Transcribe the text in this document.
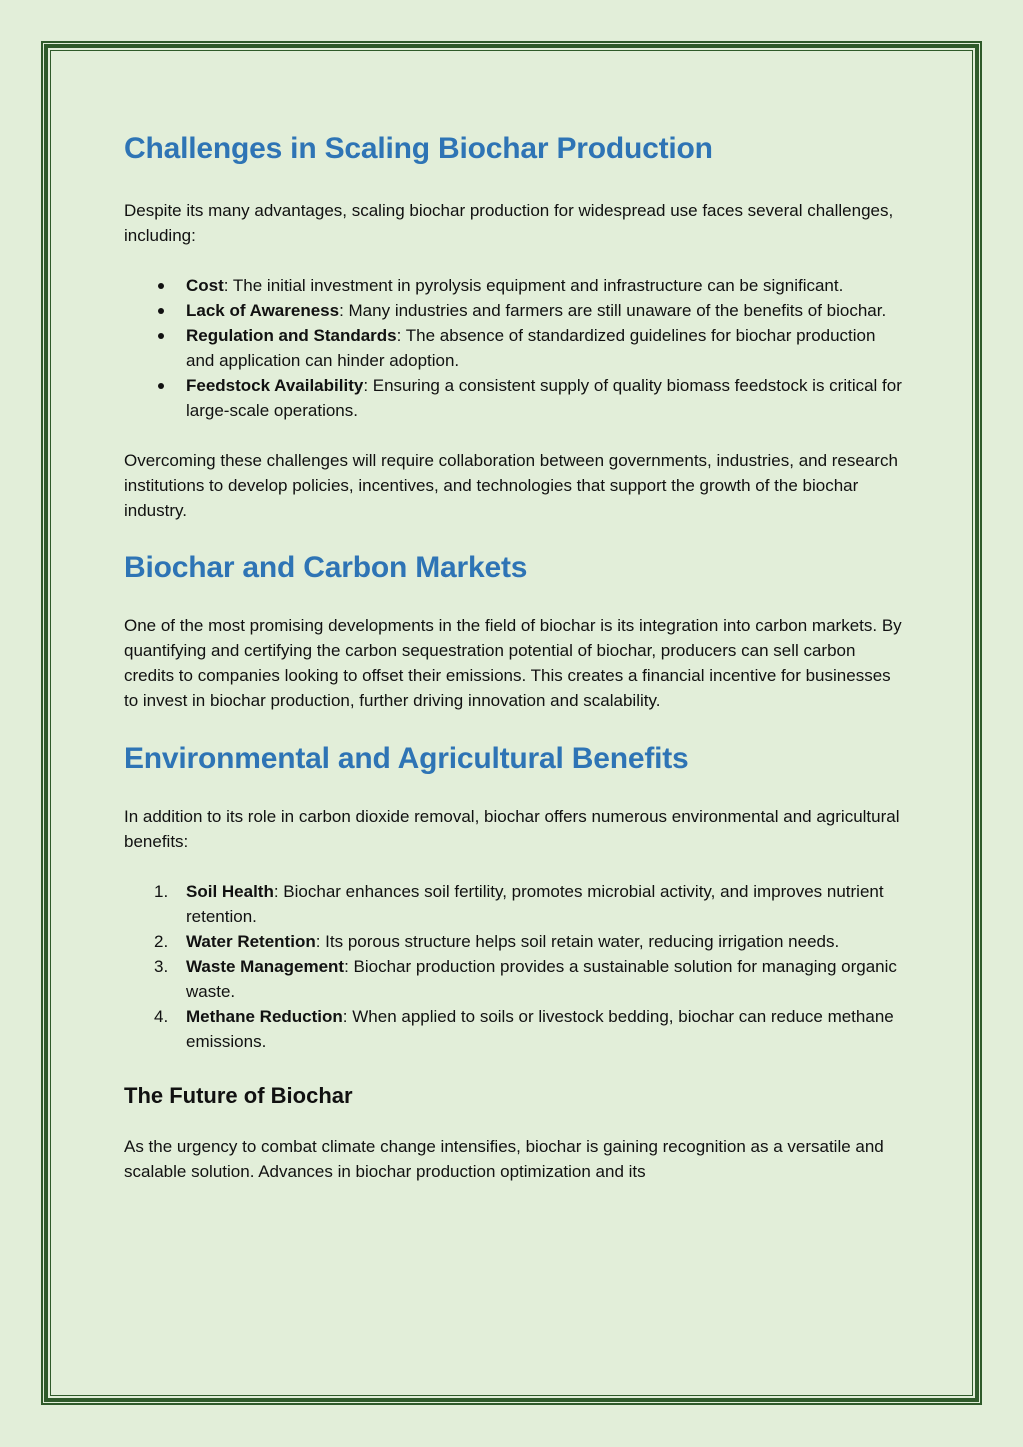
Challenges in Scaling Biochar Production

Despite its many advantages, scaling biochar production for widespread use faces several challenges, including:

Cost: The initial investment in pyrolysis equipment and infrastructure can be significant.
Lack of Awareness: Many industries and farmers are still unaware of the benefits of biochar.
Regulation and Standards: The absence of standardized guidelines for biochar production and application can hinder adoption.
Feedstock Availability: Ensuring a consistent supply of quality biomass feedstock is critical for large-scale operations.

Overcoming these challenges will require collaboration between governments, industries, and research institutions to develop policies, incentives, and technologies that support the growth of the biochar industry.

Biochar and Carbon Markets

One of the most promising developments in the field of biochar is its integration into carbon markets. By quantifying and certifying the carbon sequestration potential of biochar, producers can sell carbon credits to companies looking to offset their emissions. This creates a financial incentive for businesses to invest in biochar production, further driving innovation and scalability.

Environmental and Agricultural Benefits

In addition to its role in carbon dioxide removal, biochar offers numerous environmental and agricultural benefits:

1.	Soil Health: Biochar enhances soil fertility, promotes microbial activity, and improves nutrient retention.
2.	Water Retention: Its porous structure helps soil retain water, reducing irrigation needs.
3.	Waste Management: Biochar production provides a sustainable solution for managing organic waste.
4.	Methane Reduction: When applied to soils or livestock bedding, biochar can reduce methane emissions.
The Future of Biochar

As the urgency to combat climate change intensifies, biochar is gaining recognition as a versatile and scalable solution. Advances in biochar production optimization and its
